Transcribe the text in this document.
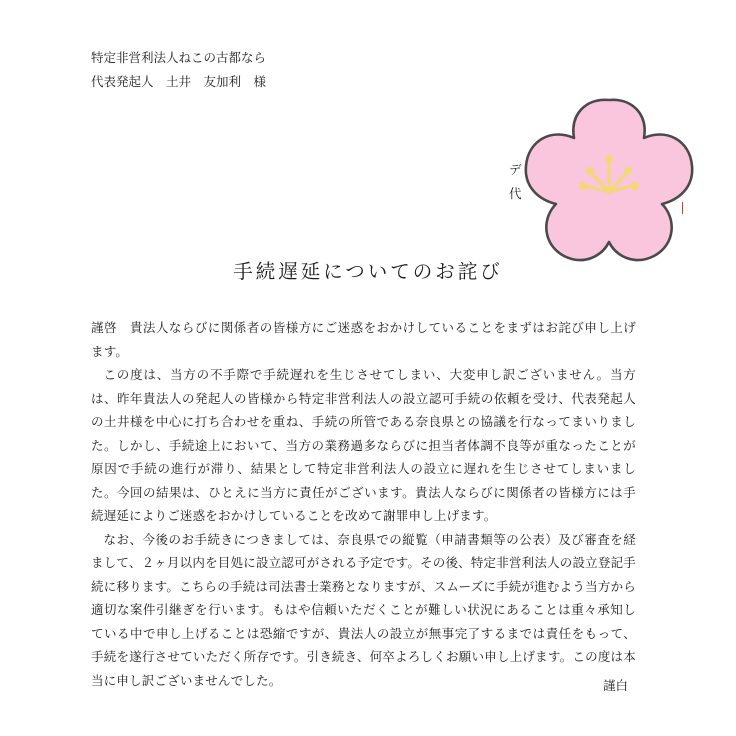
特定非営利法人ねこの古都なら
代表発起人　土井　友加利　様
デ
代
手続遅延についてのお詫び

謹啓　貴法人ならびに関係者の皆様方にご迷惑をおかけしていることをまずはお詫び申し上げます。

この度は、当方の不手際で手続遅れを生じさせてしまい、大変申し訳ございません。当方は、昨年貴法人の発起人の皆様から特定非営利法人の設立認可手続の依頼を受け、代表発起人の土井様を中心に打ち合わせを重ね、手続の所管である奈良県との協議を行なってまいりました。しかし、手続途上において、当方の業務過多ならびに担当者体調不良等が重なったことが原因で手続の進行が滞り、結果として特定非営利法人の設立に遅れを生じさせてしまいました。今回の結果は、ひとえに当方に責任がございます。貴法人ならびに関係者の皆様方には手続遅延によりご迷惑をおかけしていることを改めて謝罪申し上げます。

なお、今後のお手続きにつきましては、奈良県での縦覧（申請書類等の公表）及び審査を経まして、２ヶ月以内を目処に設立認可がされる予定です。その後、特定非営利法人の設立登記手続に移ります。こちらの手続は司法書士業務となりますが、スムーズに手続が進むよう当方から適切な案件引継ぎを行います。もはや信頼いただくことが難しい状況にあることは重々承知している中で申し上げることは恐縮ですが、貴法人の設立が無事完了するまでは責任をもって、手続を遂行させていただく所存です。引き続き、何卒よろしくお願い申し上げます。この度は本当に申し訳ございませんでした。	謹白
